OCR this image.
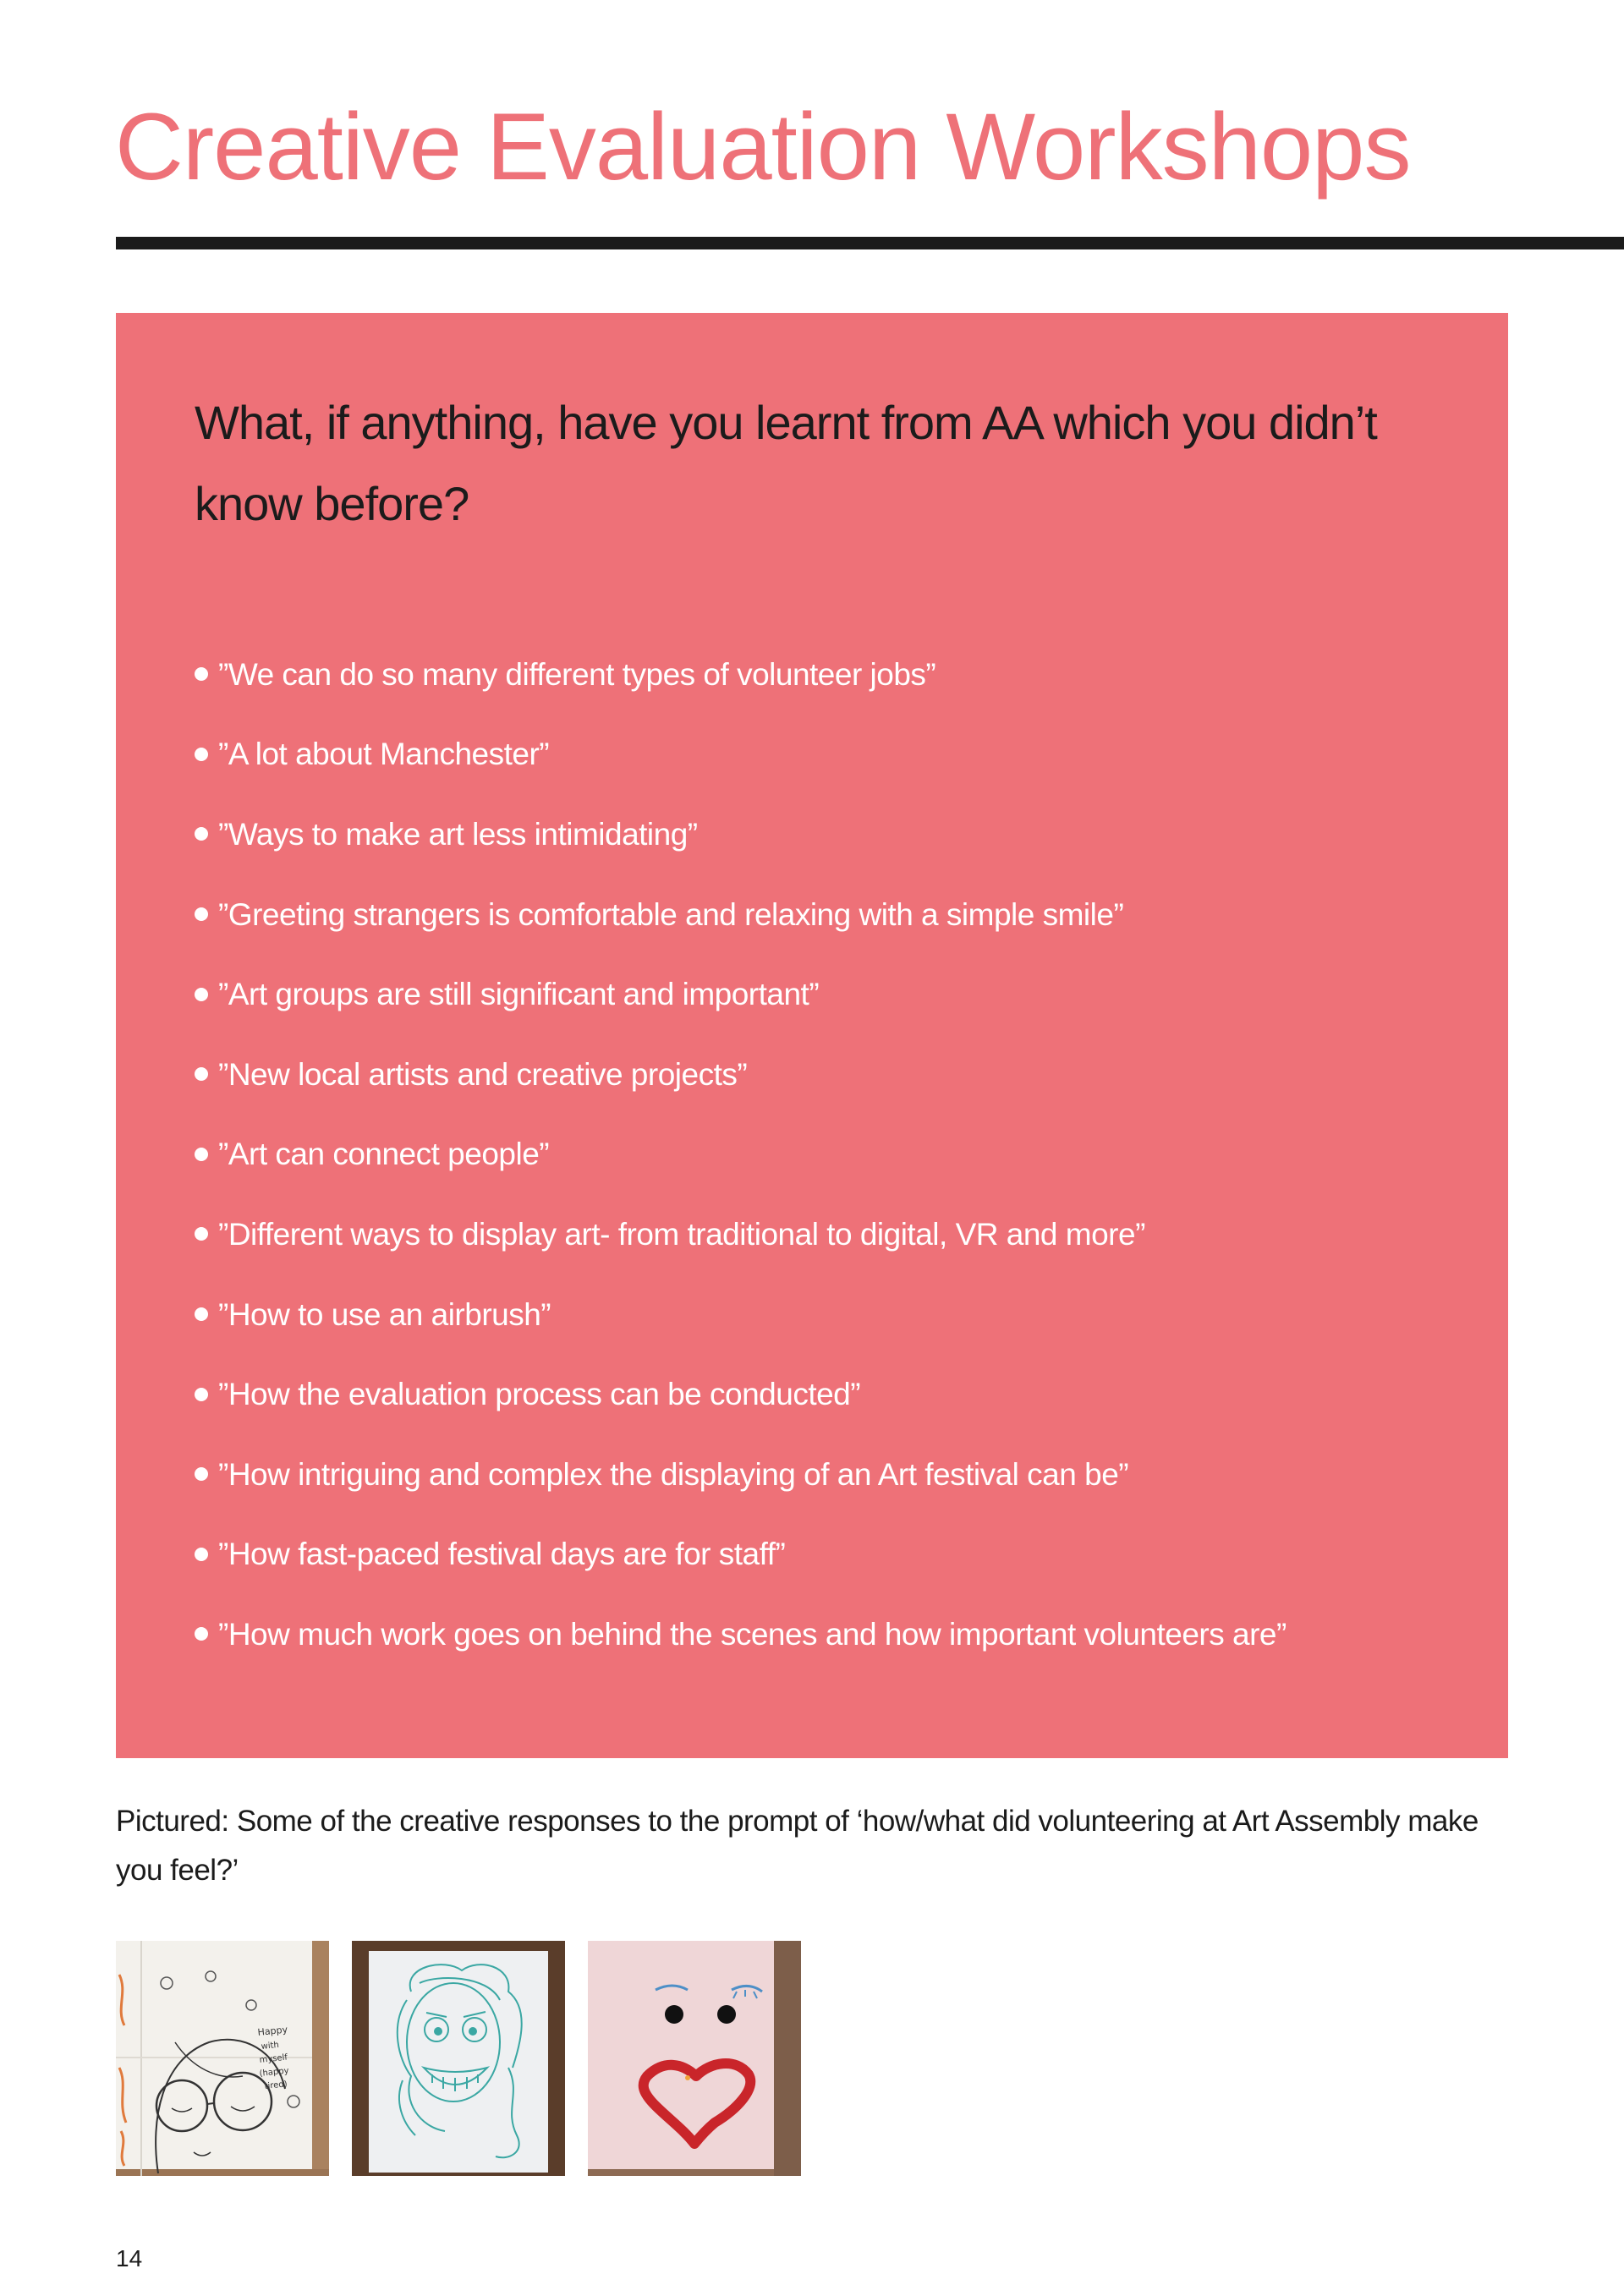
Creative Evaluation Workshops
What, if anything, have you learnt from AA which you didn’t know before?
”We can do so many different types of volunteer jobs”
”A lot about Manchester”
”Ways to make art less intimidating”
”Greeting strangers is comfortable and relaxing with a simple smile”
”Art groups are still significant and important”
”New local artists and creative projects”
”Art can connect people”
”Different ways to display art- from traditional to digital, VR and more”
”How to use an airbrush”
”How the evaluation process can be conducted”
”How intriguing and complex the displaying of an Art festival can be”
”How fast-paced festival days are for staff”
”How much work goes on behind the scenes and how important volunteers are”

Pictured: Some of the creative responses to the prompt of ‘how/what did volunteering at Art Assembly make you feel?’

Happy
with
myself
(happy
tired)

14
